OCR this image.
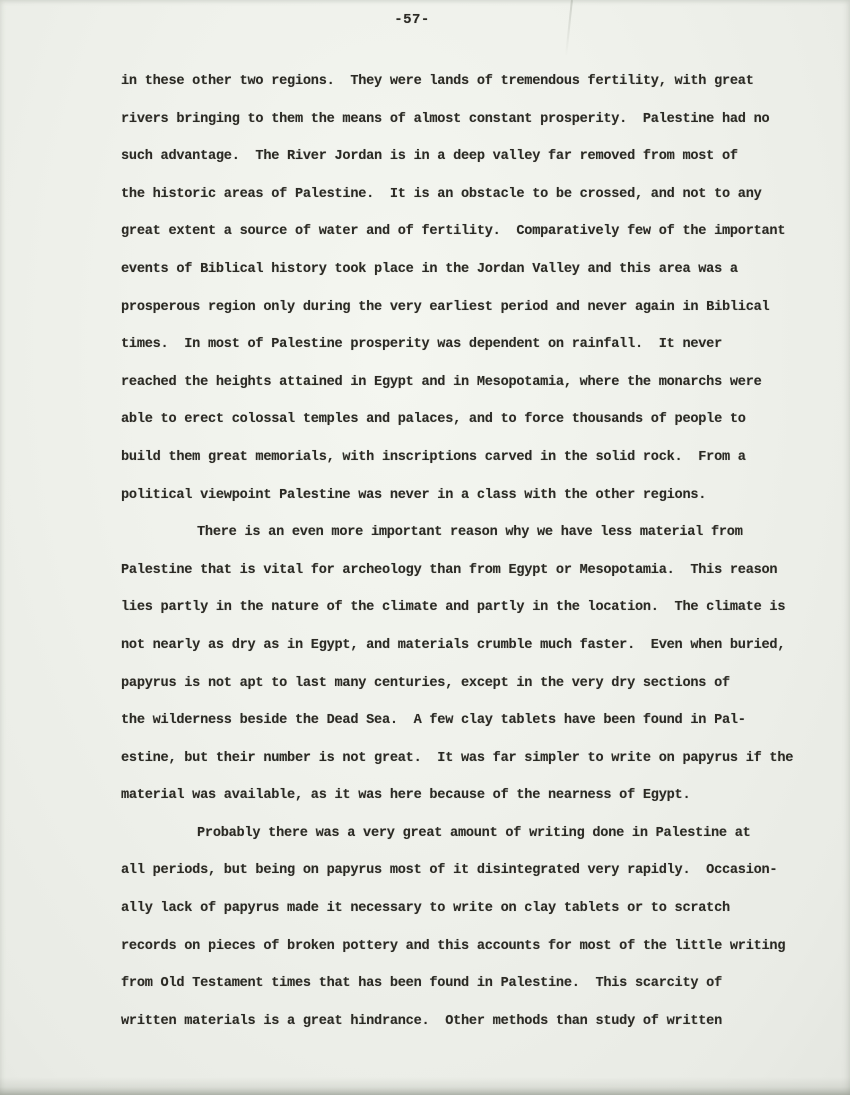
-57-
in these other two regions.  They were lands of tremendous fertility, with great
rivers bringing to them the means of almost constant prosperity.  Palestine had no
such advantage.  The River Jordan is in a deep valley far removed from most of
the historic areas of Palestine.  It is an obstacle to be crossed, and not to any
great extent a source of water and of fertility.  Comparatively few of the important
events of Biblical history took place in the Jordan Valley and this area was a
prosperous region only during the very earliest period and never again in Biblical
times.  In most of Palestine prosperity was dependent on rainfall.  It never
reached the heights attained in Egypt and in Mesopotamia, where the monarchs were
able to erect colossal temples and palaces, and to force thousands of people to
build them great memorials, with inscriptions carved in the solid rock.  From a
political viewpoint Palestine was never in a class with the other regions.
There is an even more important reason why we have less material from
Palestine that is vital for archeology than from Egypt or Mesopotamia.  This reason
lies partly in the nature of the climate and partly in the location.  The climate is
not nearly as dry as in Egypt, and materials crumble much faster.  Even when buried,
papyrus is not apt to last many centuries, except in the very dry sections of
the wilderness beside the Dead Sea.  A few clay tablets have been found in Pal-
estine, but their number is not great.  It was far simpler to write on papyrus if the
material was available, as it was here because of the nearness of Egypt.
Probably there was a very great amount of writing done in Palestine at
all periods, but being on papyrus most of it disintegrated very rapidly.  Occasion-
ally lack of papyrus made it necessary to write on clay tablets or to scratch
records on pieces of broken pottery and this accounts for most of the little writing
from Old Testament times that has been found in Palestine.  This scarcity of
written materials is a great hindrance.  Other methods than study of written
